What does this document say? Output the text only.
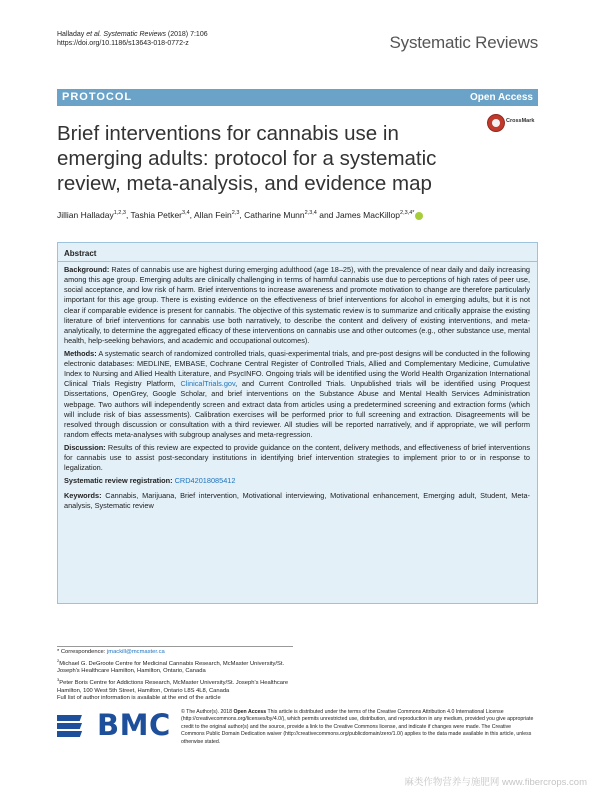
Halladay et al. Systematic Reviews (2018) 7:106
https://doi.org/10.1186/s13643-018-0772-z	Systematic Reviews
PROTOCOL	Open Access
Brief interventions for cannabis use in emerging adults: protocol for a systematic review, meta-analysis, and evidence map
CrossMark
Jillian Halladay$^{1,2,3}$, Tashia Petker$^{3,4}$, Allan Fein$^{2,3}$, Catharine Munn$^{2,3,4}$ and James MacKillop$^{2,3,4*}$
Abstract

Background: Rates of cannabis use are highest during emerging adulthood (age 18–25), with the prevalence of near daily and daily increasing among this age group. Emerging adults are clinically challenging in terms of harmful cannabis use due to perceptions of high rates of peer use, social acceptance, and low risk of harm. Brief interventions to increase awareness and promote motivation to change are therefore particularly important for this age group. There is existing evidence on the effectiveness of brief interventions for alcohol in emerging adults, but it is not clear if comparable evidence is present for cannabis. The objective of this systematic review is to summarize and critically appraise the existing literature of brief interventions for cannabis use both narratively, to describe the content and delivery of existing interventions, and meta-analytically, to determine the aggregated efficacy of these interventions on cannabis use and other outcomes (e.g., other substance use, mental health, help-seeking behaviors, and academic and occupational outcomes).

Methods: A systematic search of randomized controlled trials, quasi-experimental trials, and pre-post designs will be conducted in the following electronic databases: MEDLINE, EMBASE, Cochrane Central Register of Controlled Trials, Allied and Complementary Medicine, Cumulative Index to Nursing and Allied Health Literature, and PsycINFO. Ongoing trials will be identified using the World Health Organization International Clinical Trials Registry Platform, ClinicalTrials.gov, and Current Controlled Trials. Unpublished trials will be identified using Proquest Dissertations, OpenGrey, Google Scholar, and brief interventions on the Substance Abuse and Mental Health Services Administration webpage. Two authors will independently screen and extract data from articles using a predetermined screening and extraction forms (which will include risk of bias assessments). Calibration exercises will be performed prior to full screening and extraction. Disagreements will be resolved through discussion or consultation with a third reviewer. All studies will be reported narratively, and if appropriate, we will perform random effects meta-analyses with subgroup analyses and meta-regression.

Discussion: Results of this review are expected to provide guidance on the content, delivery methods, and effectiveness of brief interventions for cannabis use to assist post-secondary institutions in identifying brief intervention strategies to implement prior to or in response to legalization.

Systematic review registration: CRD42018085412

Keywords: Cannabis, Marijuana, Brief intervention, Motivational interviewing, Motivational enhancement, Emerging adult, Student, Meta-analysis, Systematic review

* Correspondence: jmackill@mcmaster.ca
$^2$Michael G. DeGroote Centre for Medicinal Cannabis Research, McMaster University/St. Joseph's Healthcare Hamilton, Hamilton, Ontario, Canada
$^3$Peter Boris Centre for Addictions Research, McMaster University/St. Joseph's Healthcare Hamilton, 100 West 5th Street, Hamilton, Ontario L8S 4L8, Canada
Full list of author information is available at the end of the article
BMC © The Author(s). 2018 Open Access This article is distributed under the terms of the Creative Commons Attribution 4.0 International License (http://creativecommons.org/licenses/by/4.0/), which permits unrestricted use, distribution, and reproduction in any medium, provided you give appropriate credit to the original author(s) and the source, provide a link to the Creative Commons license, and indicate if changes were made. The Creative Commons Public Domain Dedication waiver (http://creativecommons.org/publicdomain/zero/1.0/) applies to the data made available in this article, unless otherwise stated.
麻类作物营养与施肥网 www.fibercrops.com
